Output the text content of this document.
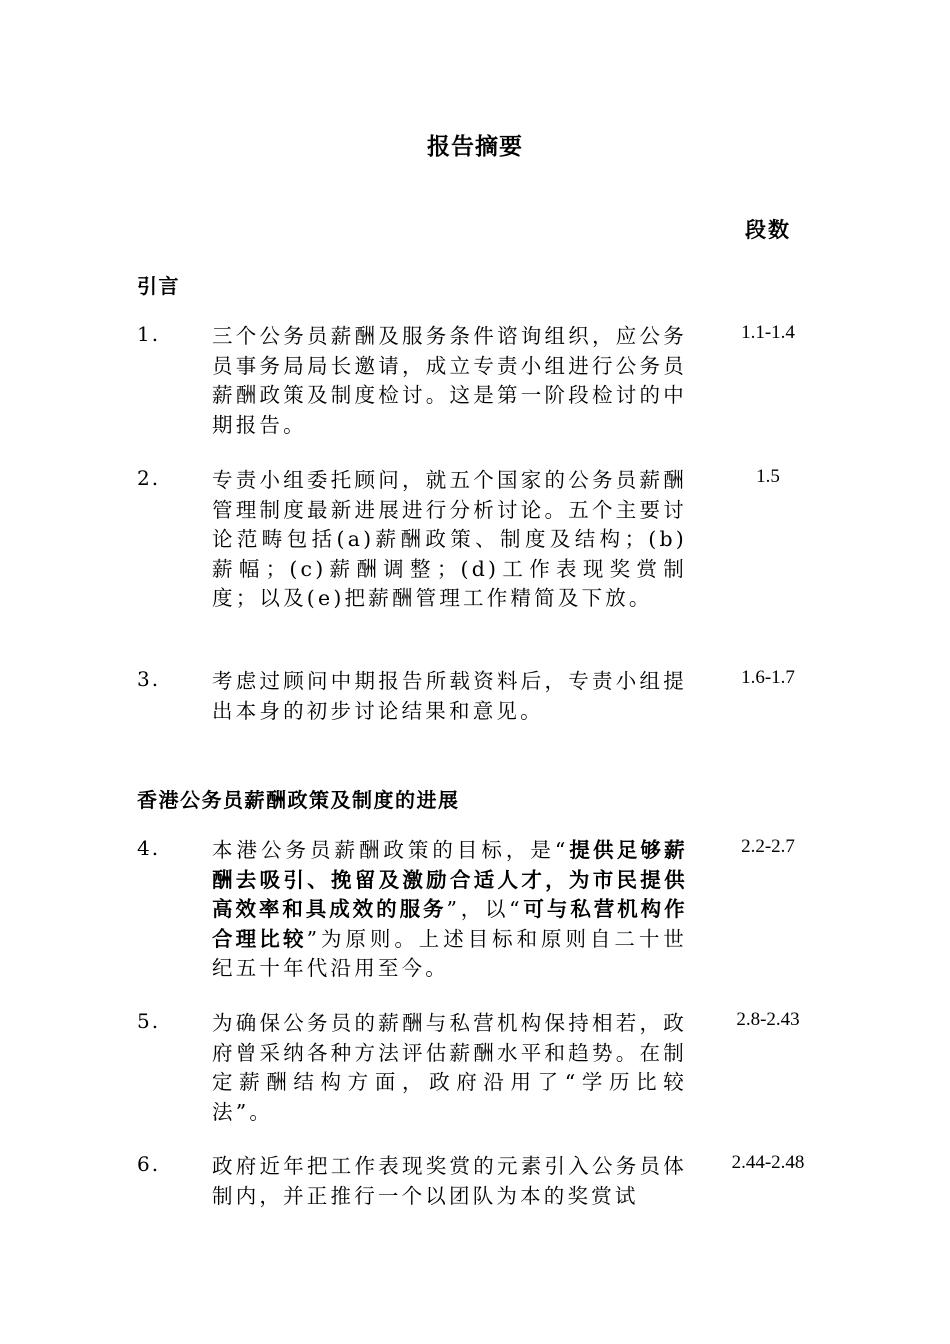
报告摘要
段数
引言
1.	三个公务员薪酬及服务条件谘询组织，应公务员事务局局长邀请，成立专责小组进行公务员薪酬政策及制度检讨。这是第一阶段检讨的中期报告。
1.1-1.4
2.	专责小组委托顾问，就五个国家的公务员薪酬管理制度最新进展进行分析讨论。五个主要讨论范畴包括(a)薪酬政策、制度及结构；(b)薪幅；(c)薪酬调整；(d)工作表现奖赏制度；以及(e)把薪酬管理工作精简及下放。
1.5
3.	考虑过顾问中期报告所载资料后，专责小组提出本身的初步讨论结果和意见。
1.6-1.7
香港公务员薪酬政策及制度的进展
4.	本港公务员薪酬政策的目标，是“提供足够薪酬去吸引、挽留及激励合适人才，为市民提供高效率和具成效的服务”，以“可与私营机构作合理比较”为原则。上述目标和原则自二十世纪五十年代沿用至今。
2.2-2.7
5.	为确保公务员的薪酬与私营机构保持相若，政府曾采纳各种方法评估薪酬水平和趋势。在制定薪酬结构方面，政府沿用了“学历比较法”。
2.8-2.43
6.	政府近年把工作表现奖赏的元素引入公务员体制内，并正推行一个以团队为本的奖赏试
2.44-2.48
